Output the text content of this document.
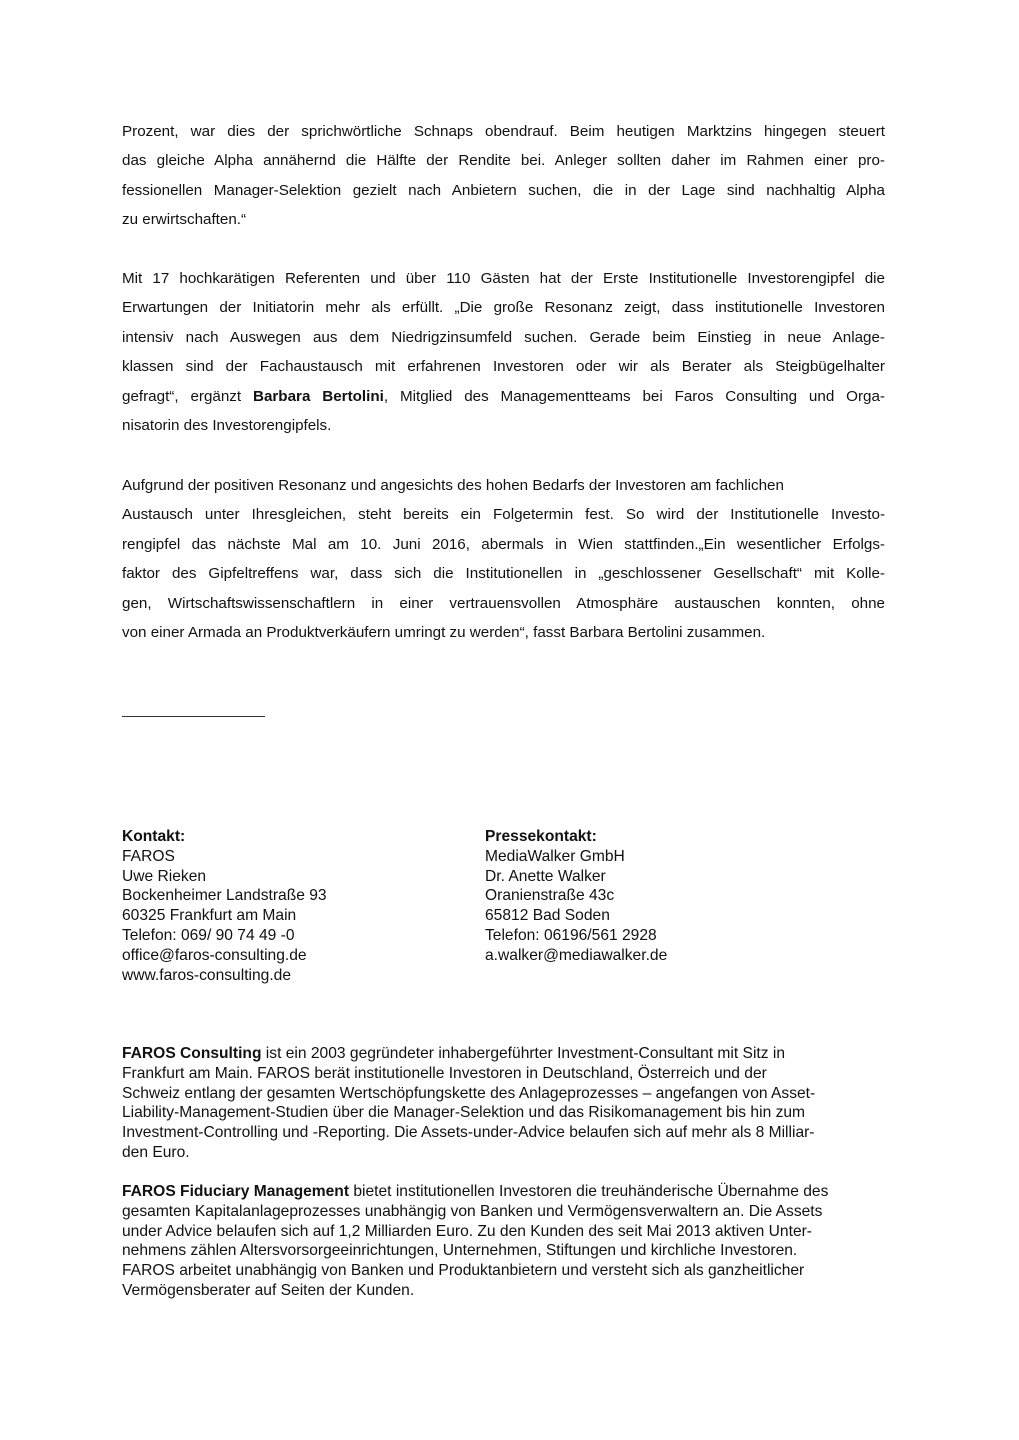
Prozent, war dies der sprichwörtliche Schnaps obendrauf. Beim heutigen Marktzins hingegen steuert
das gleiche Alpha annähernd die Hälfte der Rendite bei. Anleger sollten daher im Rahmen einer pro-
fessionellen Manager-Selektion gezielt nach Anbietern suchen, die in der Lage sind nachhaltig Alpha
zu erwirtschaften.“
Mit 17 hochkarätigen Referenten und über 110 Gästen hat der Erste Institutionelle Investorengipfel die
Erwartungen der Initiatorin mehr als erfüllt. „Die große Resonanz zeigt, dass institutionelle Investoren
intensiv nach Auswegen aus dem Niedrigzinsumfeld suchen. Gerade beim Einstieg in neue Anlage-
klassen sind der Fachaustausch mit erfahrenen Investoren oder wir als Berater als Steigbügelhalter
gefragt“, ergänzt Barbara Bertolini, Mitglied des Managementteams bei Faros Consulting und Orga-
nisatorin des Investorengipfels.
Aufgrund der positiven Resonanz und angesichts des hohen Bedarfs der Investoren am fachlichen
Austausch unter Ihresgleichen, steht bereits ein Folgetermin fest. So wird der Institutionelle Investo-
rengipfel das nächste Mal am 10. Juni 2016, abermals in Wien stattfinden.„Ein wesentlicher Erfolgs-
faktor des Gipfeltreffens war, dass sich die Institutionellen in „geschlossener Gesellschaft“ mit Kolle-
gen, Wirtschaftswissenschaftlern in einer vertrauensvollen Atmosphäre austauschen konnten, ohne
von einer Armada an Produktverkäufern umringt zu werden“, fasst Barbara Bertolini zusammen.
Kontakt:
FAROS
Uwe Rieken
Bockenheimer Landstraße 93
60325 Frankfurt am Main
Telefon: 069/ 90 74 49 -0
office@faros-consulting.de
www.faros-consulting.de
Pressekontakt:
MediaWalker GmbH
Dr. Anette Walker
Oranienstraße 43c
65812 Bad Soden
Telefon: 06196/561 2928
a.walker@mediawalker.de
FAROS Consulting ist ein 2003 gegründeter inhabergeführter Investment-Consultant mit Sitz in
Frankfurt am Main. FAROS berät institutionelle Investoren in Deutschland, Österreich und der
Schweiz entlang der gesamten Wertschöpfungskette des Anlageprozesses – angefangen von Asset-
Liability-Management-Studien über die Manager-Selektion und das Risikomanagement bis hin zum
Investment-Controlling und -Reporting. Die Assets-under-Advice belaufen sich auf mehr als 8 Milliar-
den Euro.
FAROS Fiduciary Management bietet institutionellen Investoren die treuhänderische Übernahme des
gesamten Kapitalanlageprozesses unabhängig von Banken und Vermögensverwaltern an. Die Assets
under Advice belaufen sich auf 1,2 Milliarden Euro. Zu den Kunden des seit Mai 2013 aktiven Unter-
nehmens zählen Altersvorsorgeeinrichtungen, Unternehmen, Stiftungen und kirchliche Investoren.
FAROS arbeitet unabhängig von Banken und Produktanbietern und versteht sich als ganzheitlicher
Vermögensberater auf Seiten der Kunden.
